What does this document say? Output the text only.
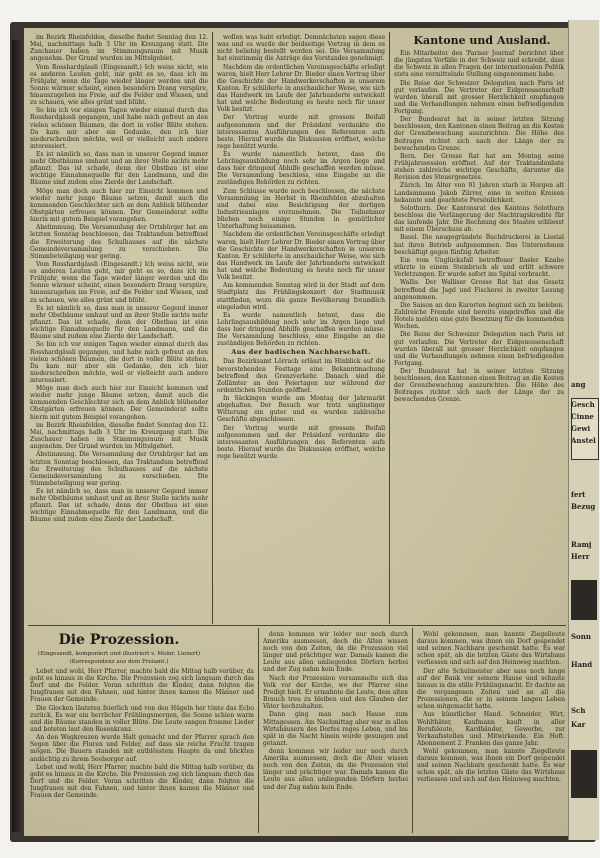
Kantone und Ausland.

im Bezirk Rheinfelden, dieselbe findet Sonntag den 12. Mai, nachmittags halb 3 Uhr im Kreuzgang statt. Die Zuschauer haben im Stimmungsraum mit Musik angenehm. Der Grund wurden im Mittelgebiet.

Vom Rosshardgässli (Eingesandt.) Ich weiss nicht, wie es anderen Leuten geht, mir geht es so, dass ich im Frühjahr, wenn die Tage wieder länger werden und die Sonne wärmer scheint, einen besondern Drang verspüre, hinauszugehen ins Freie, auf die Felder und Wiesen, und zu schauen, wie alles grünt und blüht.

So bin ich vor einigen Tagen wieder einmal durch das Rosshardgässli gegangen, und habe mich gefreut an den vielen schönen Bäumen, die dort in voller Blüte stehen. Da kam mir aber ein Gedanke, den ich hier niederschreiben möchte, weil er vielleicht auch andere interessiert.

Es ist nämlich so, dass man in unserer Gegend immer mehr Obstbäume umhaut und an ihrer Stelle nichts mehr pflanzt. Das ist schade, denn der Obstbau ist eine wichtige Einnahmequelle für den Landmann, und die Bäume sind zudem eine Zierde der Landschaft.

Möge man doch auch hier zur Einsicht kommen und wieder mehr junge Bäume setzen, damit auch die kommenden Geschlechter sich an dem Anblick blühender Obstgärten erfreuen können. Der Gemeinderat sollte hierin mit gutem Beispiel vorangehen.

Abstimmung. Die Versammlung der Ortsbürger hat am letzten Sonntag beschlossen, das Traktandum betreffend die Erweiterung des Schulhauses auf die nächste Gemeindeversammlung zu verschieben. Die Stimmbeteiligung war gering.

Vom Rosshardgässli (Eingesandt.) Ich weiss nicht, wie es anderen Leuten geht, mir geht es so, dass ich im Frühjahr, wenn die Tage wieder länger werden und die Sonne wärmer scheint, einen besondern Drang verspüre, hinauszugehen ins Freie, auf die Felder und Wiesen, und zu schauen, wie alles grünt und blüht.

Es ist nämlich so, dass man in unserer Gegend immer mehr Obstbäume umhaut und an ihrer Stelle nichts mehr pflanzt. Das ist schade, denn der Obstbau ist eine wichtige Einnahmequelle für den Landmann, und die Bäume sind zudem eine Zierde der Landschaft.

So bin ich vor einigen Tagen wieder einmal durch das Rosshardgässli gegangen, und habe mich gefreut an den vielen schönen Bäumen, die dort in voller Blüte stehen. Da kam mir aber ein Gedanke, den ich hier niederschreiben möchte, weil er vielleicht auch andere interessiert.

Möge man doch auch hier zur Einsicht kommen und wieder mehr junge Bäume setzen, damit auch die kommenden Geschlechter sich an dem Anblick blühender Obstgärten erfreuen können. Der Gemeinderat sollte hierin mit gutem Beispiel vorangehen.

im Bezirk Rheinfelden, dieselbe findet Sonntag den 12. Mai, nachmittags halb 3 Uhr im Kreuzgang statt. Die Zuschauer haben im Stimmungsraum mit Musik angenehm. Der Grund wurden im Mittelgebiet.

Abstimmung. Die Versammlung der Ortsbürger hat am letzten Sonntag beschlossen, das Traktandum betreffend die Erweiterung des Schulhauses auf die nächste Gemeindeversammlung zu verschieben. Die Stimmbeteiligung war gering.

Es ist nämlich so, dass man in unserer Gegend immer mehr Obstbäume umhaut und an ihrer Stelle nichts mehr pflanzt. Das ist schade, denn der Obstbau ist eine wichtige Einnahmequelle für den Landmann, und die Bäume sind zudem eine Zierde der Landschaft.

wollen was habt erledigt. Demnächsten sagen diese was und es wurde der beidseitige Vortrag in dem es nicht beliebig bestellt worden sei. Die Versammlung hat einstimmig die Anträge des Vorstandes genehmigt.

Nachdem die ordentlichen Vereinsgeschäfte erledigt waren, hielt Herr Lehrer Dr. Bieder einen Vortrag über die Geschichte der Handwerkerschaften in unserem Kanton. Er schilderte in anschaulicher Weise, wie sich das Handwerk im Laufe der Jahrhunderte entwickelt hat und welche Bedeutung es heute noch für unser Volk besitzt.

Der Vortrag wurde mit grossem Beifall aufgenommen und der Präsident verdankte die interessanten Ausführungen des Referenten aufs beste. Hierauf wurde die Diskussion eröffnet, welche rege benützt wurde.

Es wurde namentlich betont, dass die Lehrlingsausbildung noch sehr im Argen liege und dass hier dringend Abhilfe geschaffen werden müsse. Die Versammlung beschloss, eine Eingabe an die zuständigen Behörden zu richten.

Zum Schlusse wurde noch beschlossen, die nächste Versammlung im Herbst in Rheinfelden abzuhalten und dabei eine Besichtigung der dortigen Industrieanlagen vorzunehmen. Die Teilnehmer blieben noch einige Stunden in gemütlicher Unterhaltung beisammen.

Nachdem die ordentlichen Vereinsgeschäfte erledigt waren, hielt Herr Lehrer Dr. Bieder einen Vortrag über die Geschichte der Handwerkerschaften in unserem Kanton. Er schilderte in anschaulicher Weise, wie sich das Handwerk im Laufe der Jahrhunderte entwickelt hat und welche Bedeutung es heute noch für unser Volk besitzt.

Am kommenden Sonntag wird in der Stadt auf dem Stadtplatz das Frühlingskonzert der Stadtmusik stattfinden, wozu die ganze Bevölkerung freundlich eingeladen wird.

Es wurde namentlich betont, dass die Lehrlingsausbildung noch sehr im Argen liege und dass hier dringend Abhilfe geschaffen werden müsse. Die Versammlung beschloss, eine Eingabe an die zuständigen Behörden zu richten.

Aus der badischen Nachbarschaft.

Das Bezirksamt Lörrach erlässt im Hinblick auf die bevorstehenden Festtage eine Bekanntmachung betreffend den Grenzverkehr. Danach sind die Zollämter an den Feiertagen nur während der ordentlichen Stunden geöffnet.

In Säckingen wurde am Montag der Jahrmarkt abgehalten. Der Besuch war trotz ungünstiger Witterung ein guter und es wurden zahlreiche Geschäfte abgeschlossen.

Der Vortrag wurde mit grossem Beifall aufgenommen und der Präsident verdankte die interessanten Ausführungen des Referenten aufs beste. Hierauf wurde die Diskussion eröffnet, welche rege benützt wurde.

Ein Mitarbeiter des 'Pariser Journal' berichtet über die jüngsten Vorfälle in der Schweiz und schreibt, dass die Schweiz in allen Fragen der internationalen Politik stets eine vermittelnde Stellung eingenommen habe.

Die Reise der Schweizer Delegation nach Paris ist gut verlaufen. Die Vertreter der Eidgenossenschaft wurden überall mit grosser Herzlichkeit empfangen und die Verhandlungen nehmen einen befriedigenden Fortgang.

Der Bundesrat hat in seiner letzten Sitzung beschlossen, den Kantonen einen Beitrag an die Kosten der Grenzbewachung auszurichten. Die Höhe des Beitrages richtet sich nach der Länge der zu bewachenden Grenze.

Bern. Der Grosse Rat hat am Montag seine Frühjahrssession eröffnet. Auf der Traktandenliste stehen zahlreiche wichtige Geschäfte, darunter die Revision des Steuergesetzes.

Zürich. Im Alter von 91 Jahren starb in Horgen alt Landammann Jakob Zürrer, eine in weiten Kreisen bekannte und geachtete Persönlichkeit.

Solothurn. Der Kantonsrat des Kantons Solothurn beschloss die Verlängerung der Nachtragskredite für das laufende Jahr. Die Rechnung des Staates schliesst mit einem Überschuss ab.

Basel. Die neugegründete Buchdruckerei in Liestal hat ihren Betrieb aufgenommen. Das Unternehmen beschäftigt gegen fünfzig Arbeiter.

Ein vom Unglücksfall betroffener Basler Knabe stürzte in einem Steinbruch ab und erlitt schwere Verletzungen. Er wurde sofort ins Spital verbracht.

Wallis. Der Walliser Grosse Rat hat das Gesetz betreffend die Jagd und Fischerei in zweiter Lesung angenommen.

Die Saison an den Kurorten beginnt sich zu beleben. Zahlreiche Fremde sind bereits eingetroffen und die Hotels melden eine gute Besetzung für die kommenden Wochen.

Die Reise der Schweizer Delegation nach Paris ist gut verlaufen. Die Vertreter der Eidgenossenschaft wurden überall mit grosser Herzlichkeit empfangen und die Verhandlungen nehmen einen befriedigenden Fortgang.

Der Bundesrat hat in seiner letzten Sitzung beschlossen, den Kantonen einen Beitrag an die Kosten der Grenzbewachung auszurichten. Die Höhe des Beitrages richtet sich nach der Länge der zu bewachenden Grenze.

Die Prozession.
(Eingesandt, komponiert und illustriert v. Meinr. Lienert)
(Korrespondenz aus dem Freiamt.)

Lebet und wohl, Herr Pfarrer, machte bald die Mittag halb vorüber, da geht es hinaus in die Kirche. Die Prozession zog sich langsam durch das Dorf und die Felder. Voran schritten die Kinder, dann folgten die Jungfrauen mit den Fahnen, und hinter ihnen kamen die Männer und Frauen der Gemeinde.

Die Glocken läuteten feierlich und von den Hügeln her tönte das Echo zurück. Es war ein herrlicher Frühlingsmorgen, die Sonne schien warm und die Bäume standen in voller Blüte. Die Leute sangen fromme Lieder und beteten laut den Rosenkranz.

An den Wegkreuzen wurde Halt gemacht und der Pfarrer sprach den Segen über die Fluren und Felder, auf dass sie reiche Frucht tragen mögen. Die Bauern standen mit entblösstem Haupte da und blickten andächtig zu ihrem Seelsorger auf.

Lebet und wohl, Herr Pfarrer, machte bald die Mittag halb vorüber, da geht es hinaus in die Kirche. Die Prozession zog sich langsam durch das Dorf und die Felder. Voran schritten die Kinder, dann folgten die Jungfrauen mit den Fahnen, und hinter ihnen kamen die Männer und Frauen der Gemeinde.

denn kommen wir leider nur noch durch Amerika ausmessen, doch die Alten wissen noch von den Zeiten, da die Prozession viel länger und prächtiger war. Damals kamen die Leute aus allen umliegenden Dörfern herbei und der Zug nahm kein Ende.

Nach der Prozession versammelte sich das Volk vor der Kirche, wo der Pfarrer eine Predigt hielt. Er ermahnte die Leute, dem alten Brauch treu zu bleiben und den Glauben der Väter hochzuhalten.

Dann ging man nach Hause zum Mittagessen. Am Nachmittag aber war in allen Wirtshäusern des Dorfes reges Leben, und bis spät in die Nacht hinein wurde gesungen und getanzt.

denn kommen wir leider nur noch durch Amerika ausmessen, doch die Alten wissen noch von den Zeiten, da die Prozession viel länger und prächtiger war. Damals kamen die Leute aus allen umliegenden Dörfern herbei und der Zug nahm kein Ende.

Wohl gekommen, man kannte Ziegelleute daraus kommen, was ihnen ein Dorf gespendet und seinen Nachbarn geschenkt hatte. Es war schon spät, als die letzten Gäste das Wirtshaus verliessen und sich auf den Heimweg machten.

Der alte Schulmeister aber sass noch lange auf der Bank vor seinem Hause und schaute hinaus in die stille Frühlingsnacht. Er dachte an die vergangenen Zeiten und an all die Prozessionen, die er in seinem langen Leben schon mitgemacht hatte.

Aus künstlicher Hand. Schneider, Wirt, Wohlthäter, Kaufmann kauft in aller Berufsleute, Kardbänder, Gewerbe, zur Verkaufsstellen und Mitwirkende. Ein Heft. Abonnement 2. Franken das ganze Jahr.

Wohl gekommen, man kannte Ziegelleute daraus kommen, was ihnen ein Dorf gespendet und seinen Nachbarn geschenkt hatte. Es war schon spät, als die letzten Gäste das Wirtshaus verliessen und sich auf den Heimweg machten.

ang
Gesch
Cinne
Gewi
Anstel
fert
Bezug
Ramj
Herr
Sonn
Hand
Sch
Kar
